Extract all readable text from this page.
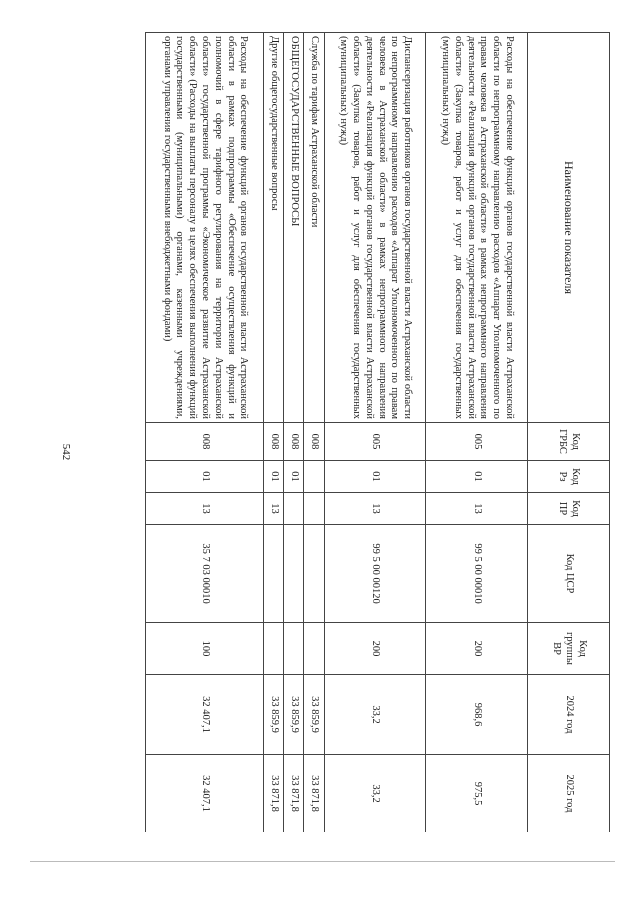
542
Наименование показателя	Код ГРБС	Код Рз	Код ПР	Код ЦСР	Код группы ВР	2024 год	2025 год
Расходы на обеспечение функций органов государственной власти Астраханской области по непрограммному направлению расходов «Аппарат Уполномоченного по правам человека в Астраханской области» в рамках непрограммного направления деятельности «Реализация функций органов государственной власти Астраханской области» (Закупка товаров, работ и услуг для обеспечения государственных (муниципальных) нужд)	005	01	13	99 5 00 00010	200	968,6	975,5
Диспансеризация работников органов государственной власти Астраханской области по непрограммному направлению расходов «Аппарат Уполномоченного по правам человека в Астраханской области» в рамках непрограммного направления деятельности «Реализация функций органов государственной власти Астраханской области» (Закупка товаров, работ и услуг для обеспечения государственных (муниципальных) нужд)	005	01	13	99 5 00 00120	200	33,2	33,2
Служба по тарифам Астраханской области	008					33 859,9	33 871,8
ОБЩЕГОСУДАРСТВЕННЫЕ ВОПРОСЫ	008	01				33 859,9	33 871,8
Другие общегосударственные вопросы	008	01	13			33 859,9	33 871,8
Расходы на обеспечение функций органов государственной власти Астраханской области в рамках подпрограммы «Обеспечение осуществления функций и полномочий в сфере тарифного регулирования на территории Астраханской области» государственной программы «Экономическое развитие Астраханской области» (Расходы на выплаты персоналу в целях обеспечения выполнения функций государственными (муниципальными) органами, казенными учреждениями, органами управления государственными внебюджетными фондами)	008	01	13	35 7 03 00010	100	32 407,1	32 407,1
